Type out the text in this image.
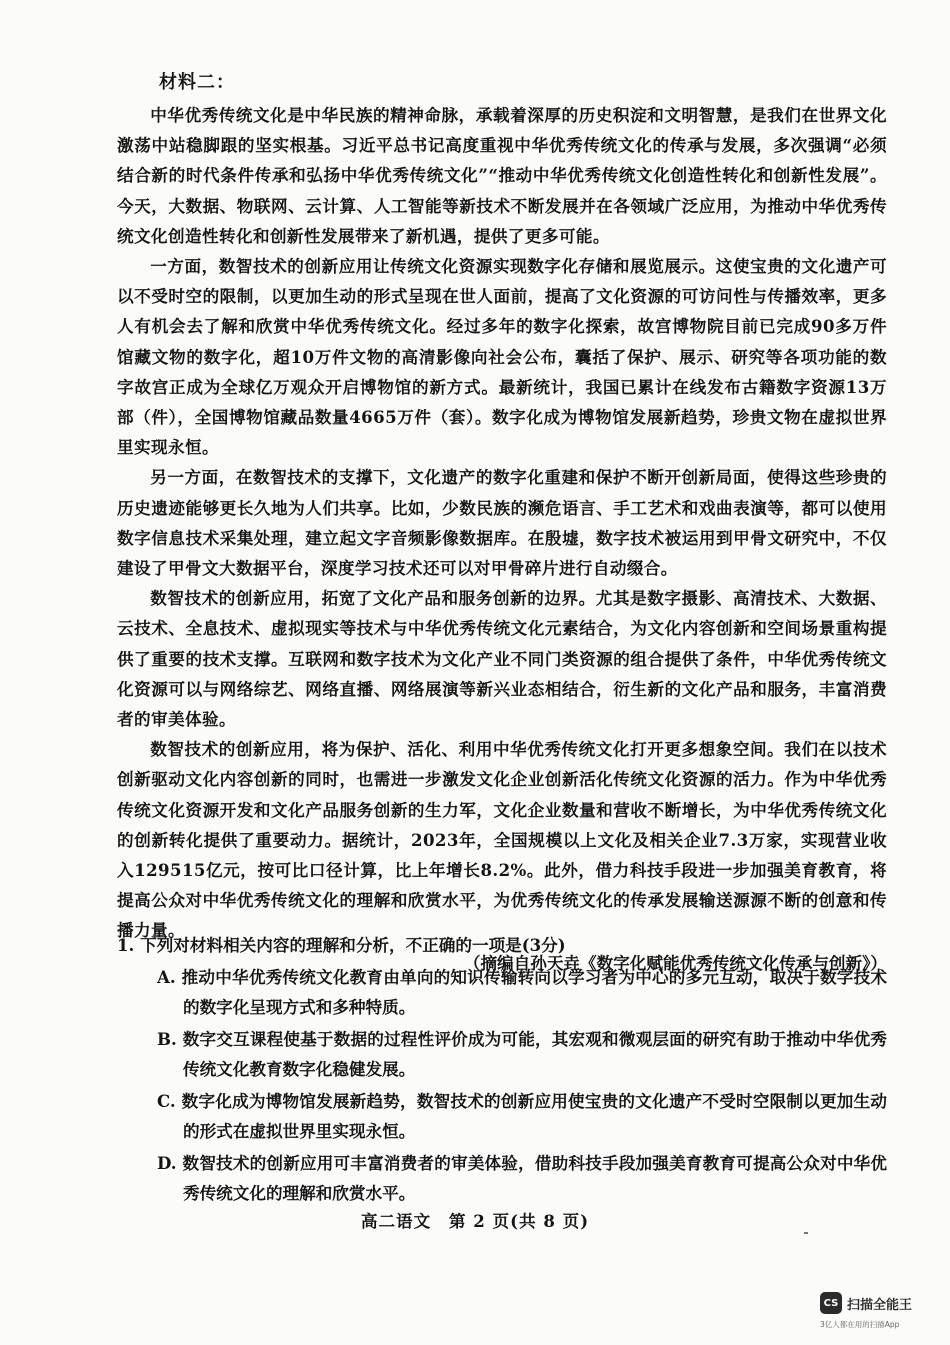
材料二：

中华优秀传统文化是中华民族的精神命脉，承载着深厚的历史积淀和文明智慧，是我们在世界文化激荡中站稳脚跟的坚实根基。习近平总书记高度重视中华优秀传统文化的传承与发展，多次强调“必须结合新的时代条件传承和弘扬中华优秀传统文化”“推动中华优秀传统文化创造性转化和创新性发展”。今天，大数据、物联网、云计算、人工智能等新技术不断发展并在各领域广泛应用，为推动中华优秀传统文化创造性转化和创新性发展带来了新机遇，提供了更多可能。

一方面，数智技术的创新应用让传统文化资源实现数字化存储和展览展示。这使宝贵的文化遗产可以不受时空的限制，以更加生动的形式呈现在世人面前，提高了文化资源的可访问性与传播效率，更多人有机会去了解和欣赏中华优秀传统文化。经过多年的数字化探索，故宫博物院目前已完成90多万件馆藏文物的数字化，超10万件文物的高清影像向社会公布，囊括了保护、展示、研究等各项功能的数字故宫正成为全球亿万观众开启博物馆的新方式。最新统计，我国已累计在线发布古籍数字资源13万部（件），全国博物馆藏品数量4665万件（套）。数字化成为博物馆发展新趋势，珍贵文物在虚拟世界里实现永恒。

另一方面，在数智技术的支撑下，文化遗产的数字化重建和保护不断开创新局面，使得这些珍贵的历史遗迹能够更长久地为人们共享。比如，少数民族的濒危语言、手工艺术和戏曲表演等，都可以使用数字信息技术采集处理，建立起文字音频影像数据库。在殷墟，数字技术被运用到甲骨文研究中，不仅建设了甲骨文大数据平台，深度学习技术还可以对甲骨碎片进行自动缀合。

数智技术的创新应用，拓宽了文化产品和服务创新的边界。尤其是数字摄影、高清技术、大数据、云技术、全息技术、虚拟现实等技术与中华优秀传统文化元素结合，为文化内容创新和空间场景重构提供了重要的技术支撑。互联网和数字技术为文化产业不同门类资源的组合提供了条件，中华优秀传统文化资源可以与网络综艺、网络直播、网络展演等新兴业态相结合，衍生新的文化产品和服务，丰富消费者的审美体验。

数智技术的创新应用，将为保护、活化、利用中华优秀传统文化打开更多想象空间。我们在以技术创新驱动文化内容创新的同时，也需进一步激发文化企业创新活化传统文化资源的活力。作为中华优秀传统文化资源开发和文化产品服务创新的生力军，文化企业数量和营收不断增长，为中华优秀传统文化的创新转化提供了重要动力。据统计，2023年，全国规模以上文化及相关企业7.3万家，实现营业收入129515亿元，按可比口径计算，比上年增长8.2%。此外，借力科技手段进一步加强美育教育，将提高公众对中华优秀传统文化的理解和欣赏水平，为优秀传统文化的传承发展输送源源不断的创意和传播力量。

（摘编自孙天垚《数字化赋能优秀传统文化传承与创新》）

1. 下列对材料相关内容的理解和分析，不正确的一项是(3分)

A. 推动中华优秀传统文化教育由单向的知识传输转向以学习者为中心的多元互动，取决于数字技术的数字化呈现方式和多种特质。

B. 数字交互课程使基于数据的过程性评价成为可能，其宏观和微观层面的研究有助于推动中华优秀传统文化教育数字化稳健发展。

C. 数字化成为博物馆发展新趋势，数智技术的创新应用使宝贵的文化遗产不受时空限制以更加生动的形式在虚拟世界里实现永恒。

D. 数智技术的创新应用可丰富消费者的审美体验，借助科技手段加强美育教育可提高公众对中华优秀传统文化的理解和欣赏水平。

高二语文　第 2 页(共 8 页)
CS 扫描全能王
3亿人都在用的扫描App
